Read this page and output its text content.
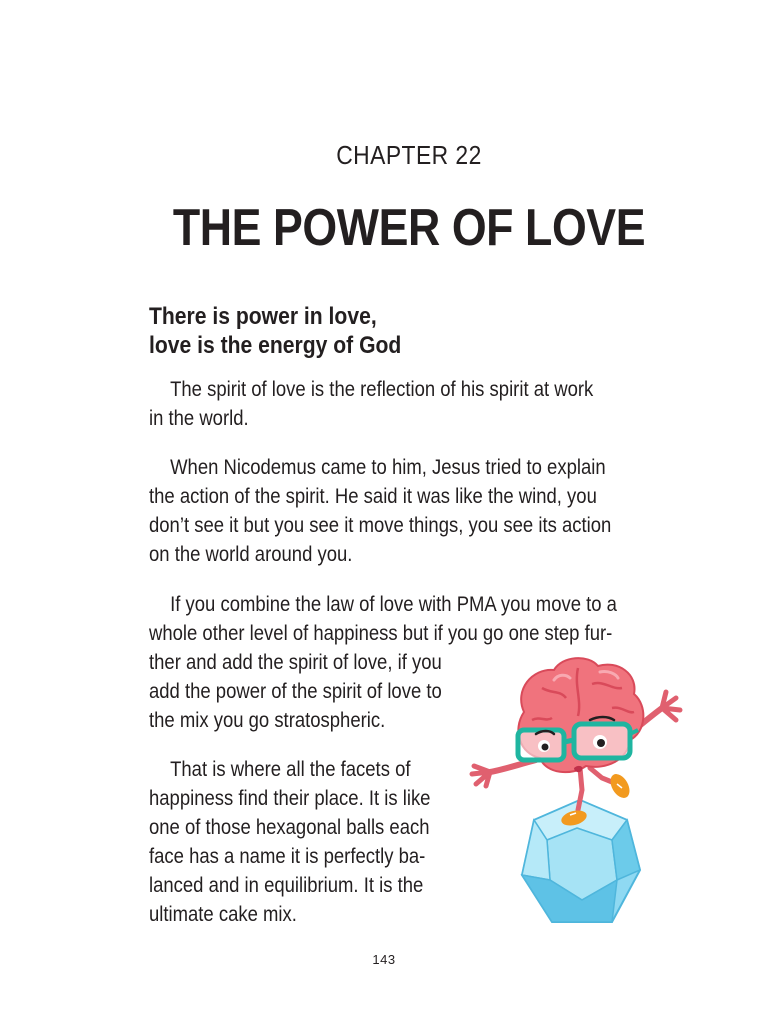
CHAPTER 22
THE POWER OF LOVE
There is power in love,
love is the energy of God
The spirit of love is the reflection of his spirit at work
in the world.
When Nicodemus came to him, Jesus tried to explain
the action of the spirit. He said it was like the wind, you
don’t see it but you see it move things, you see its action
on the world around you.
If you combine the law of love with PMA you move to a
whole other level of happiness but if you go one step fur-
ther and add the spirit of love, if you
add the power of the spirit of love to
the mix you go stratospheric.
That is where all the facets of
happiness find their place. It is like
one of those hexagonal balls each
face has a name it is perfectly ba-
lanced and in equilibrium. It is the
ultimate cake mix.
143
